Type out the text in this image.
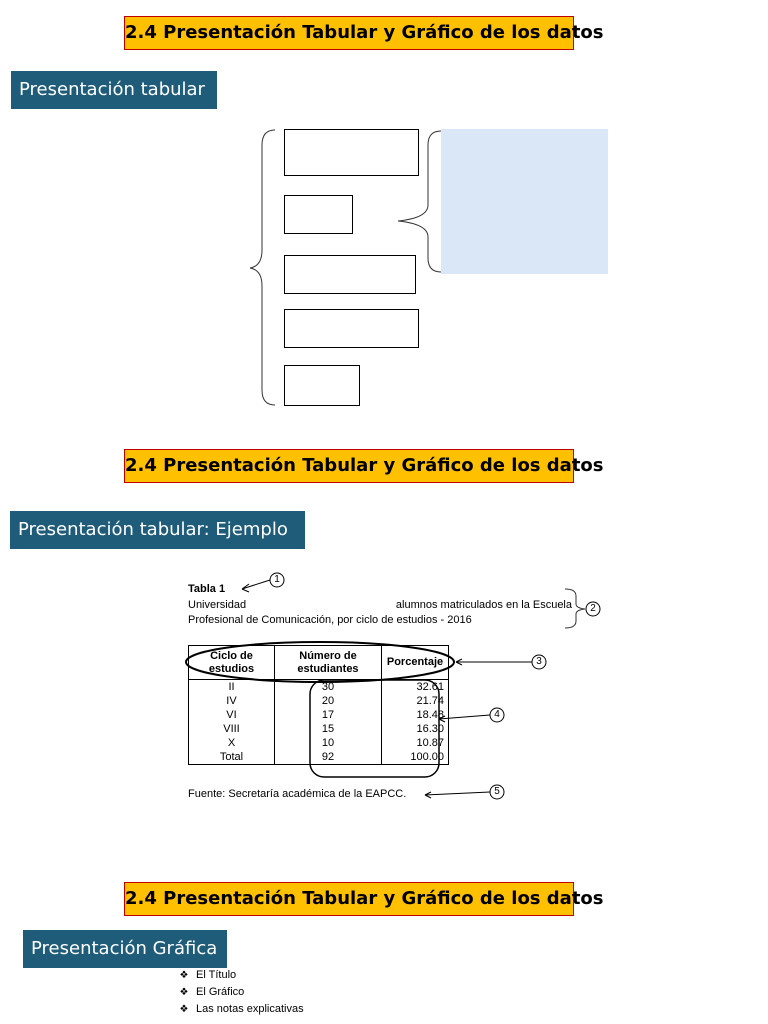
2.4 Presentación Tabular y Gráfico de los datos
Presentación tabular
2.4 Presentación Tabular y Gráfico de los datos
Presentación tabular: Ejemplo
Tabla 1
Universidad	alumnos matriculados en la Escuela
Profesional de Comunicación, por ciclo de estudios - 2016
Ciclo de estudios	Número de estudiantes	Porcentaje
II	30	32.61
IV	20	21.74
VI	17	18.48
VIII	15	16.30
X	10	10.87
Total	92	100.00
Fuente: Secretaría académica de la EAPCC.
1
2
3
4
5
2.4 Presentación Tabular y Gráfico de los datos
Presentación Gráfica
❖ El Título
❖ El Gráfico
❖ Las notas explicativas
